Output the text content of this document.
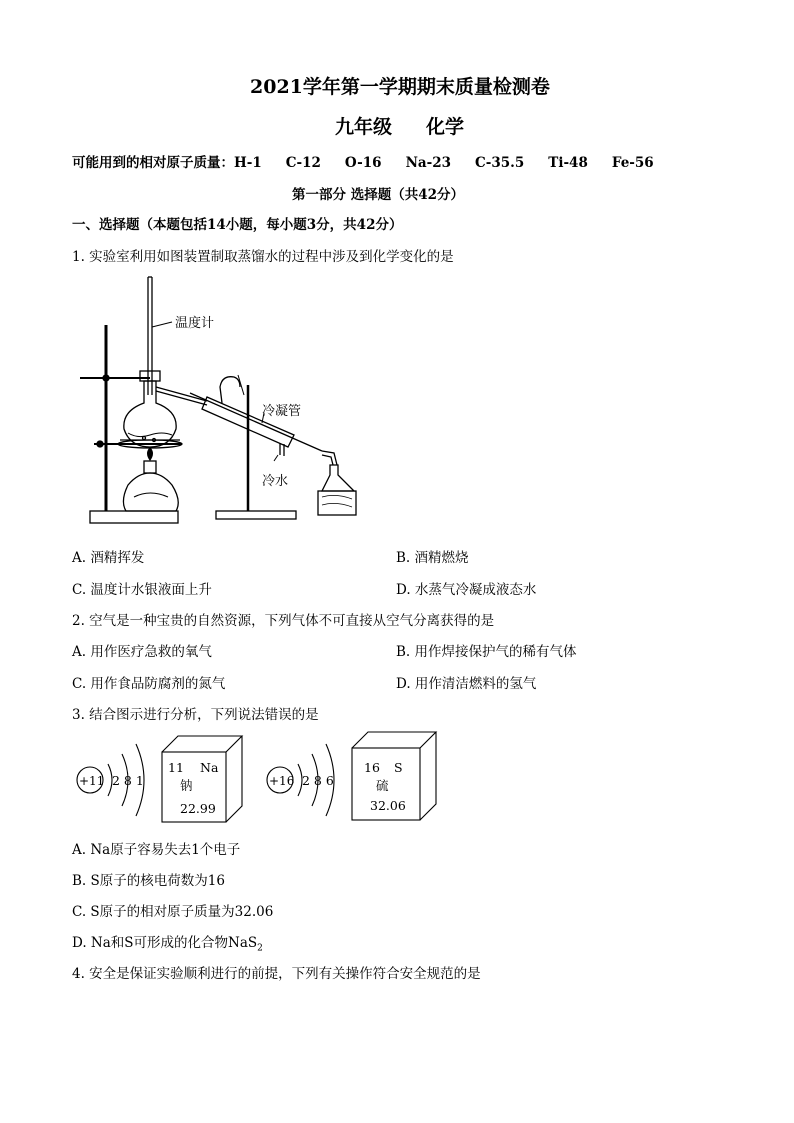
2021学年第一学期期末质量检测卷
九年级 化学
可能用到的相对原子质量：H-1 C-12 O-16 Na-23 C-35.5 Ti-48 Fe-56
第一部分 选择题（共42分）
一、选择题（本题包括14小题，每小题3分，共42分）
1. 实验室利用如图装置制取蒸馏水的过程中涉及到化学变化的是
温度计
冷凝管
冷水
A. 酒精挥发	B. 酒精燃烧
C. 温度计水银液面上升	D. 水蒸气冷凝成液态水
2. 空气是一种宝贵的自然资源，下列气体不可直接从空气分离获得的是
A. 用作医疗急救的氧气	B. 用作焊接保护气的稀有气体
C. 用作食品防腐剂的氮气	D. 用作清洁燃料的氢气
3. 结合图示进行分析，下列说法错误的是
+11 2 8 1
11 Na
钠
22.99
+16 2 8 6
16 S
硫
32.06
A. Na原子容易失去1个电子
B. S原子的核电荷数为16
C. S原子的相对原子质量为32.06
D. Na和S可形成的化合物NaS$_2$
4. 安全是保证实验顺利进行的前提，下列有关操作符合安全规范的是
